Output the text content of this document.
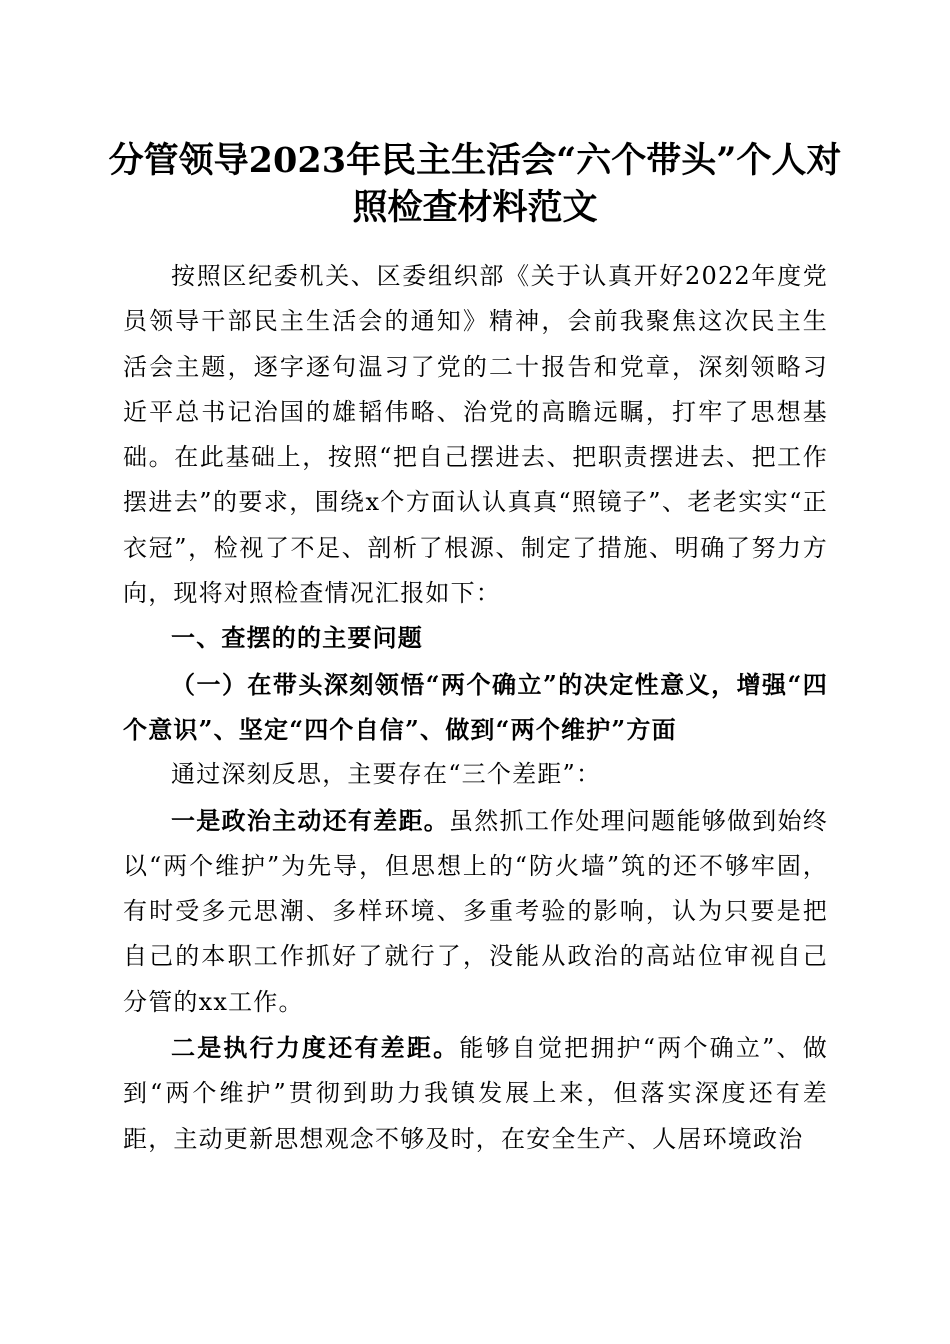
分管领导2023年民主生活会“六个带头”个人对照检查材料范文

按照区纪委机关、区委组织部《关于认真开好2022年度党员领导干部民主生活会的通知》精神，会前我聚焦这次民主生活会主题，逐字逐句温习了党的二十报告和党章，深刻领略习近平总书记治国的雄韬伟略、治党的高瞻远瞩，打牢了思想基础。在此基础上，按照“把自己摆进去、把职责摆进去、把工作摆进去”的要求，围绕x个方面认认真真“照镜子”、老老实实“正衣冠”，检视了不足、剖析了根源、制定了措施、明确了努力方向，现将对照检查情况汇报如下：

一、查摆的的主要问题

（一）在带头深刻领悟“两个确立”的决定性意义，增强“四个意识”、坚定“四个自信”、做到“两个维护”方面

通过深刻反思，主要存在“三个差距”：

一是政治主动还有差距。虽然抓工作处理问题能够做到始终以“两个维护”为先导，但思想上的“防火墙”筑的还不够牢固，有时受多元思潮、多样环境、多重考验的影响，认为只要是把自己的本职工作抓好了就行了，没能从政治的高站位审视自己分管的xx工作。

二是执行力度还有差距。能够自觉把拥护“两个确立”、做到“两个维护”贯彻到助力我镇发展上来，但落实深度还有差距，主动更新思想观念不够及时，在安全生产、人居环境政治
